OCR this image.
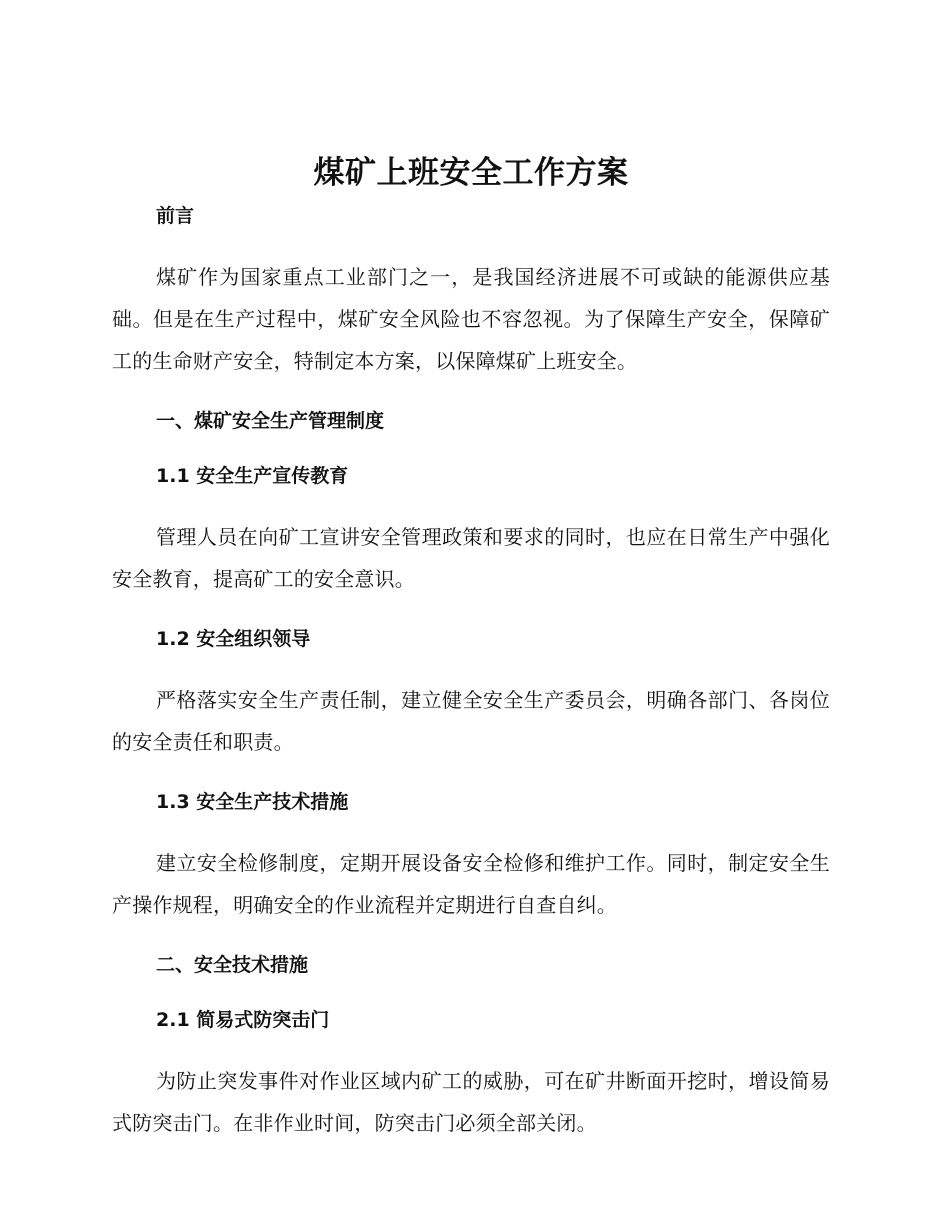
煤矿上班安全工作方案
前言

煤矿作为国家重点工业部门之一，是我国经济进展不可或缺的能源供应基础。但是在生产过程中，煤矿安全风险也不容忽视。为了保障生产安全，保障矿工的生命财产安全，特制定本方案，以保障煤矿上班安全。

一、煤矿安全生产管理制度
1.1 安全生产宣传教育

管理人员在向矿工宣讲安全管理政策和要求的同时，也应在日常生产中强化安全教育，提高矿工的安全意识。

1.2 安全组织领导

严格落实安全生产责任制，建立健全安全生产委员会，明确各部门、各岗位的安全责任和职责。

1.3 安全生产技术措施

建立安全检修制度，定期开展设备安全检修和维护工作。同时，制定安全生产操作规程，明确安全的作业流程并定期进行自查自纠。

二、安全技术措施
2.1 简易式防突击门

为防止突发事件对作业区域内矿工的威胁，可在矿井断面开挖时，增设简易式防突击门。在非作业时间，防突击门必须全部关闭。
